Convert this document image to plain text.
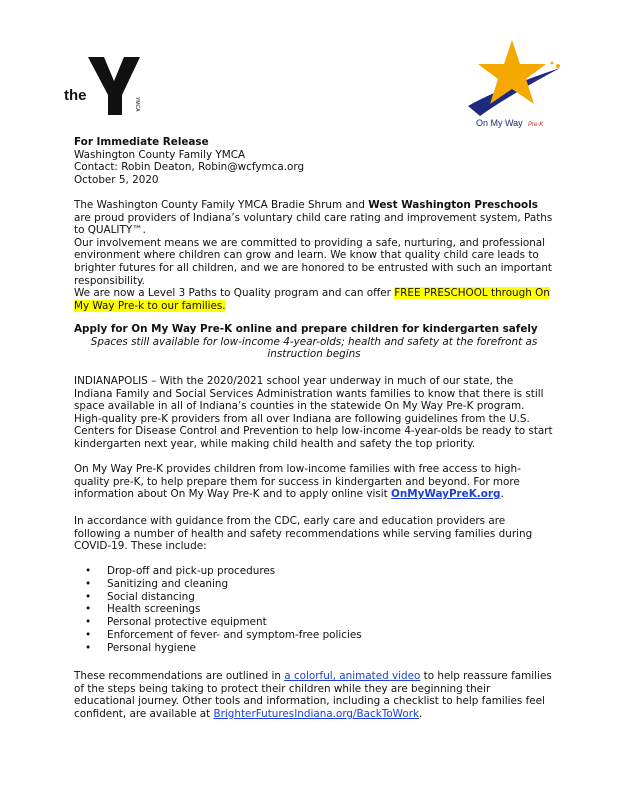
the
YMCA
On My Way Pre-K

For Immediate Release

Washington County Family YMCA

Contact: Robin Deaton, Robin@wcfymca.org

October 5, 2020

The Washington County Family YMCA Bradie Shrum and West Washington Preschools are proud providers of Indiana’s voluntary child care rating and improvement system, Paths to QUALITY™.

Our involvement means we are committed to providing a safe, nurturing, and professional environment where children can grow and learn. We know that quality child care leads to brighter futures for all children, and we are honored to be entrusted with such an important responsibility.

We are now a Level 3 Paths to Quality program and can offer FREE PRESCHOOL through On My Way Pre-k to our families.

Apply for On My Way Pre-K online and prepare children for kindergarten safely

Spaces still available for low-income 4-year-olds; health and safety at the forefront as instruction begins

INDIANAPOLIS – With the 2020/2021 school year underway in much of our state, the Indiana Family and Social Services Administration wants families to know that there is still space available in all of Indiana’s counties in the statewide On My Way Pre-K program. High-quality pre-K providers from all over Indiana are following guidelines from the U.S. Centers for Disease Control and Prevention to help low-income 4-year-olds be ready to start kindergarten next year, while making child health and safety the top priority.

On My Way Pre-K provides children from low-income families with free access to high-quality pre-K, to help prepare them for success in kindergarten and beyond. For more information about On My Way Pre-K and to apply online visit OnMyWayPreK.org.

In accordance with guidance from the CDC, early care and education providers are following a number of health and safety recommendations while serving families during COVID-19. These include:

• Drop-off and pick-up procedures
• Sanitizing and cleaning
• Social distancing
• Health screenings
• Personal protective equipment
• Enforcement of fever- and symptom-free policies
• Personal hygiene

These recommendations are outlined in a colorful, animated video to help reassure families of the steps being taking to protect their children while they are beginning their educational journey. Other tools and information, including a checklist to help families feel confident, are available at BrighterFuturesIndiana.org/BackToWork.
